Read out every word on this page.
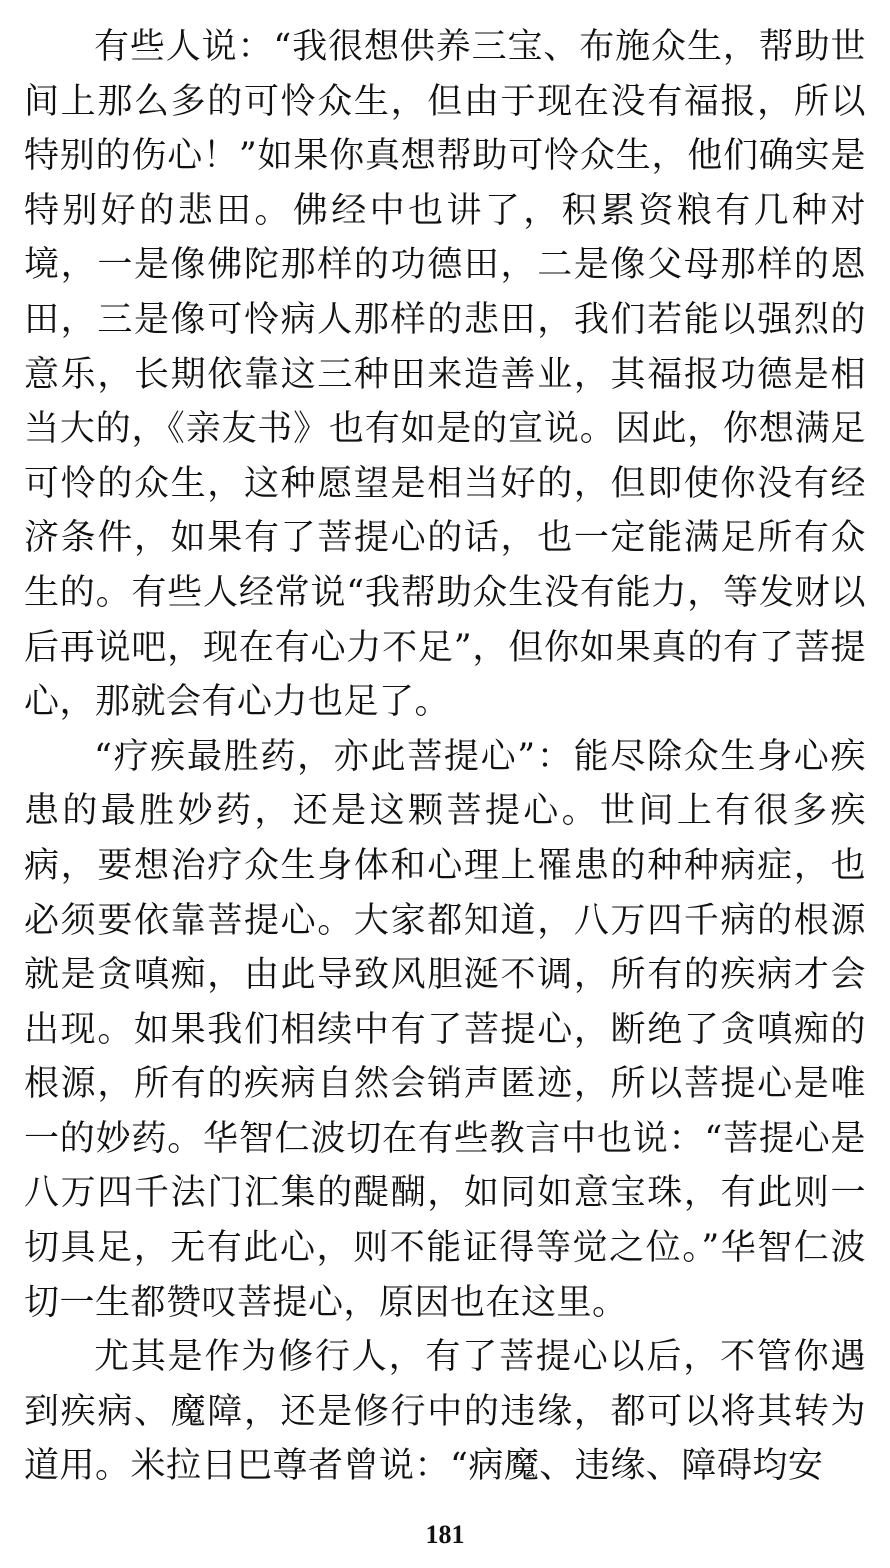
有些人说：“我很想供养三宝、布施众生，帮助世间上那么多的可怜众生，但由于现在没有福报，所以特别的伤心！”如果你真想帮助可怜众生，他们确实是特别好的悲田。佛经中也讲了，积累资粮有几种对境，一是像佛陀那样的功德田，二是像父母那样的恩田，三是像可怜病人那样的悲田，我们若能以强烈的意乐，长期依靠这三种田来造善业，其福报功德是相当大的，《亲友书》也有如是的宣说。因此，你想满足可怜的众生，这种愿望是相当好的，但即使你没有经济条件，如果有了菩提心的话，也一定能满足所有众生的。有些人经常说“我帮助众生没有能力，等发财以后再说吧，现在有心力不足”，但你如果真的有了菩提心，那就会有心力也足了。

“疗疾最胜药，亦此菩提心”：能尽除众生身心疾患的最胜妙药，还是这颗菩提心。世间上有很多疾病，要想治疗众生身体和心理上罹患的种种病症，也必须要依靠菩提心。大家都知道，八万四千病的根源就是贪嗔痴，由此导致风胆涎不调，所有的疾病才会出现。如果我们相续中有了菩提心，断绝了贪嗔痴的根源，所有的疾病自然会销声匿迹，所以菩提心是唯一的妙药。华智仁波切在有些教言中也说：“菩提心是八万四千法门汇集的醍醐，如同如意宝珠，有此则一切具足，无有此心，则不能证得等觉之位。”华智仁波切一生都赞叹菩提心，原因也在这里。

尤其是作为修行人，有了菩提心以后，不管你遇到疾病、魔障，还是修行中的违缘，都可以将其转为道用。米拉日巴尊者曾说：“病魔、违缘、障碍均安

181
